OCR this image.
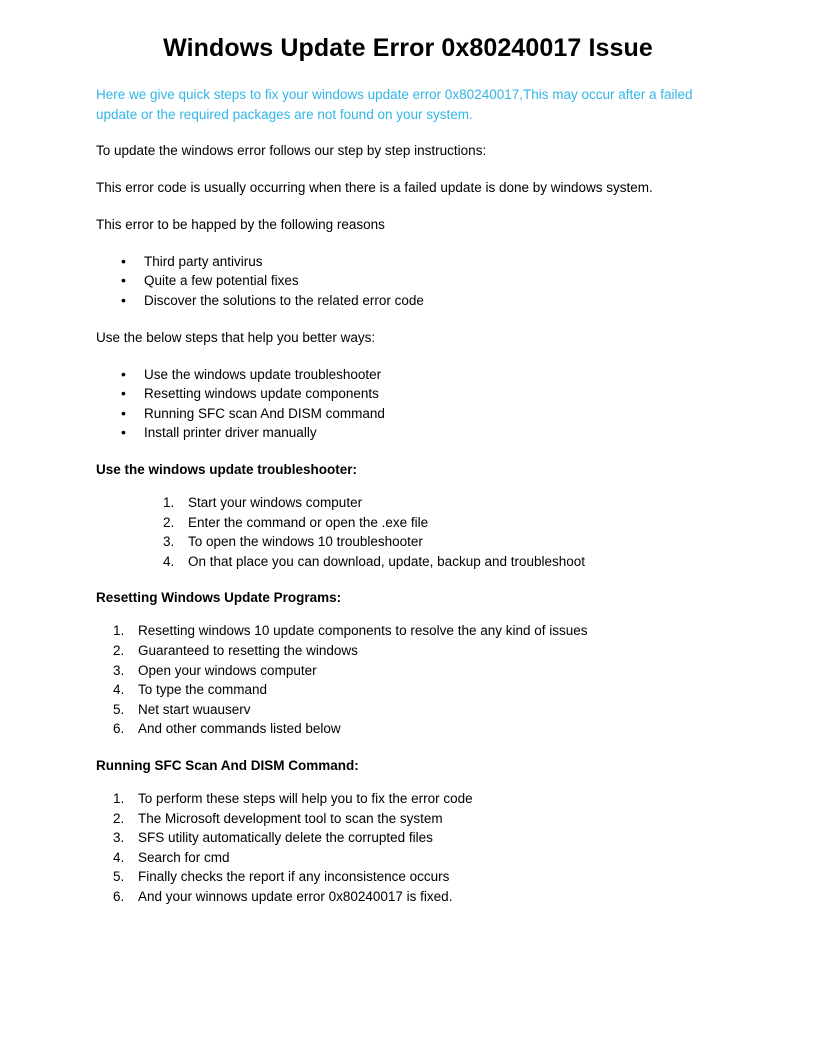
Windows Update Error 0x80240017 Issue

Here we give quick steps to fix your windows update error 0x80240017,This may occur after a failed update or the required packages are not found on your system.

To update the windows error follows our step by step instructions:

This error code is usually occurring when there is a failed update is done by windows system.

This error to be happed by the following reasons

• Third party antivirus
• Quite a few potential fixes
• Discover the solutions to the related error code

Use the below steps that help you better ways:

• Use the windows update troubleshooter
• Resetting windows update components
• Running SFC scan And DISM command
• Install printer driver manually
Use the windows update troubleshooter:
Start your windows computer
Enter the command or open the .exe file
To open the windows 10 troubleshooter
On that place you can download, update, backup and troubleshoot
Resetting Windows Update Programs:
Resetting windows 10 update components to resolve the any kind of issues
Guaranteed to resetting the windows
Open your windows computer
To type the command
Net start wuauserv
And other commands listed below
Running SFC Scan And DISM Command:
To perform these steps will help you to fix the error code
The Microsoft development tool to scan the system
SFS utility automatically delete the corrupted files
Search for cmd
Finally checks the report if any inconsistence occurs
And your winnows update error 0x80240017 is fixed.
